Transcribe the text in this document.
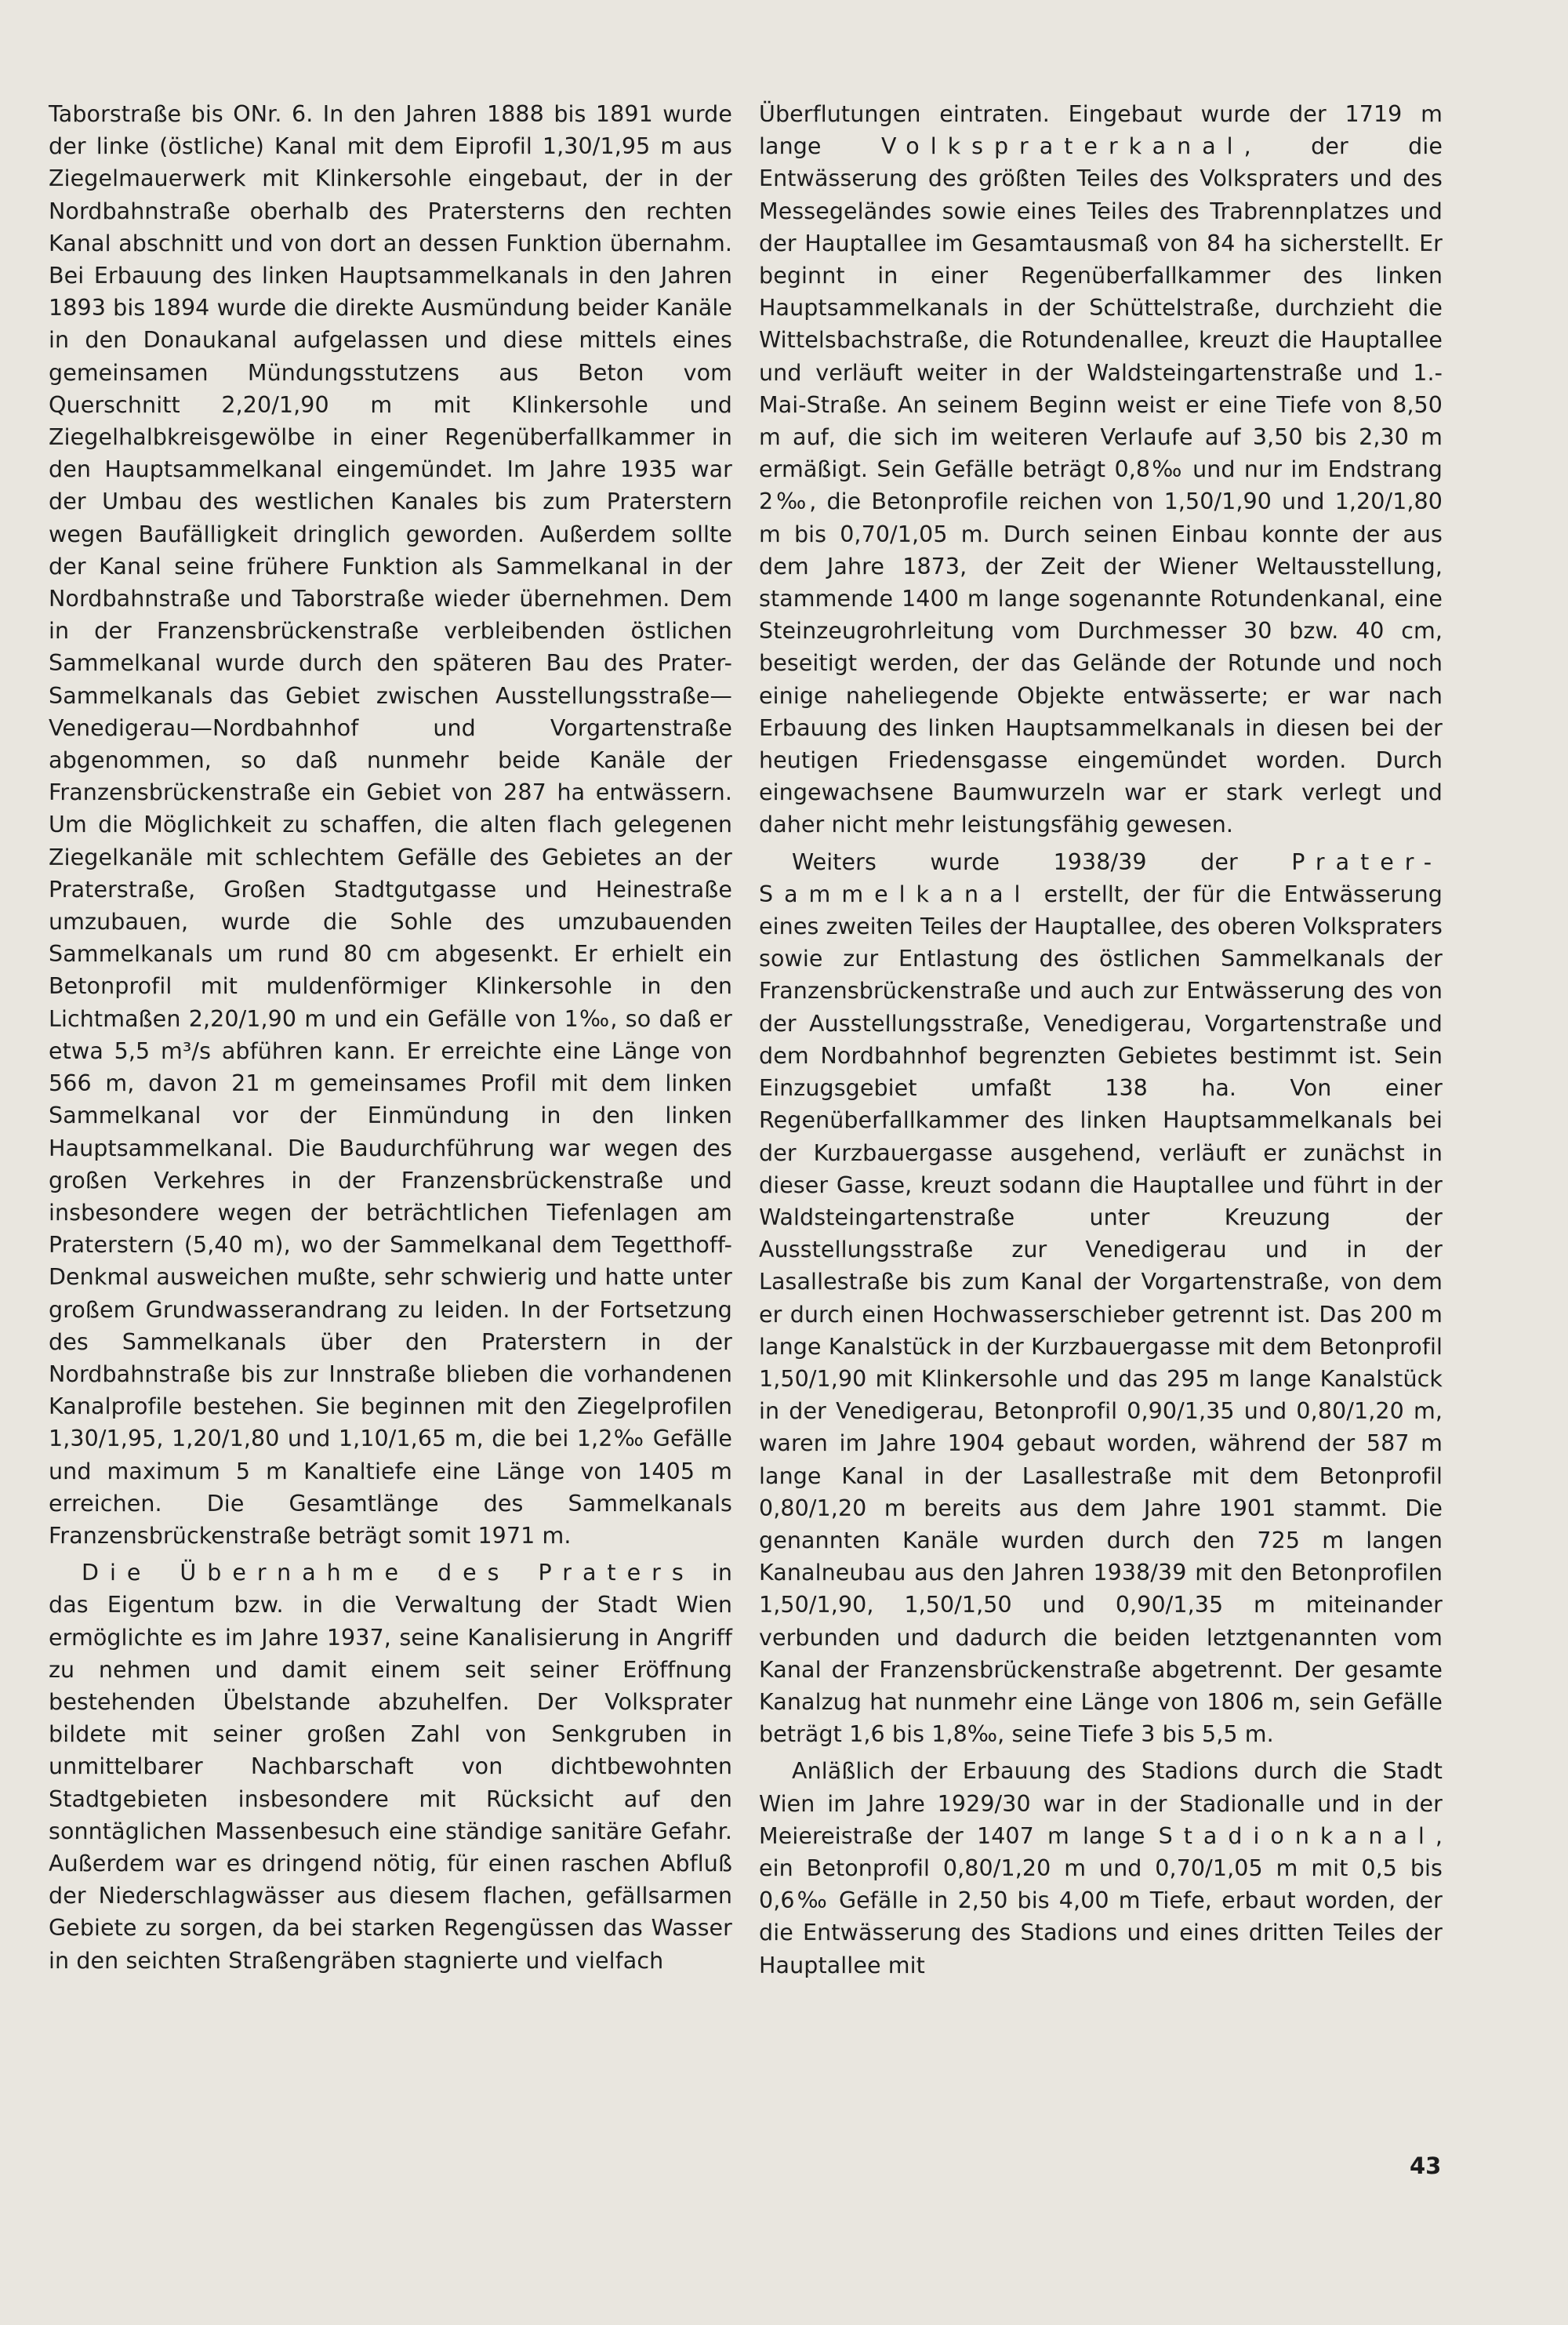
Taborstraße bis ONr. 6. In den Jahren 1888 bis 1891 wurde der linke (östliche) Kanal mit dem Eiprofil 1,30/1,95 m aus Ziegelmauerwerk mit Klinkersohle eingebaut, der in der Nordbahnstraße oberhalb des Pratersterns den rechten Kanal abschnitt und von dort an dessen Funktion übernahm. Bei Erbauung des linken Hauptsammelkanals in den Jahren 1893 bis 1894 wurde die direkte Ausmündung beider Kanäle in den Donaukanal aufgelassen und diese mittels eines gemeinsamen Mündungsstutzens aus Beton vom Querschnitt 2,20/1,90 m mit Klinkersohle und Ziegelhalbkreisgewölbe in einer Regenüberfallkammer in den Hauptsammelkanal eingemündet. Im Jahre 1935 war der Umbau des westlichen Kanales bis zum Praterstern wegen Baufälligkeit dringlich geworden. Außerdem sollte der Kanal seine frühere Funktion als Sammelkanal in der Nordbahnstraße und Taborstraße wieder übernehmen. Dem in der Franzensbrückenstraße verbleibenden östlichen Sammelkanal wurde durch den späteren Bau des Prater-Sammelkanals das Gebiet zwischen Ausstellungsstraße—Venedigerau—Nordbahnhof und Vorgartenstraße abgenommen, so daß nunmehr beide Kanäle der Franzensbrückenstraße ein Gebiet von 287 ha entwässern. Um die Möglichkeit zu schaffen, die alten flach gelegenen Ziegelkanäle mit schlechtem Gefälle des Gebietes an der Praterstraße, Großen Stadtgutgasse und Heinestraße umzubauen, wurde die Sohle des umzubauenden Sammelkanals um rund 80 cm abgesenkt. Er erhielt ein Betonprofil mit muldenförmiger Klinkersohle in den Lichtmaßen 2,20/1,90 m und ein Gefälle von 1‰, so daß er etwa 5,5 m³/s abführen kann. Er erreichte eine Länge von 566 m, davon 21 m gemeinsames Profil mit dem linken Sammelkanal vor der Einmündung in den linken Hauptsammelkanal. Die Baudurchführung war wegen des großen Verkehres in der Franzensbrückenstraße und insbesondere wegen der beträchtlichen Tiefenlagen am Praterstern (5,40 m), wo der Sammelkanal dem Tegetthoff-Denkmal ausweichen mußte, sehr schwierig und hatte unter großem Grundwasserandrang zu leiden. In der Fortsetzung des Sammelkanals über den Praterstern in der Nordbahnstraße bis zur Innstraße blieben die vorhandenen Kanalprofile bestehen. Sie beginnen mit den Ziegelprofilen 1,30/1,95, 1,20/1,80 und 1,10/1,65 m, die bei 1,2‰ Gefälle und maximum 5 m Kanaltiefe eine Länge von 1405 m erreichen. Die Gesamtlänge des Sammelkanals Franzensbrückenstraße beträgt somit 1971 m.

Die Übernahme des Praters in das Eigentum bzw. in die Verwaltung der Stadt Wien ermöglichte es im Jahre 1937, seine Kanalisierung in Angriff zu nehmen und damit einem seit seiner Eröffnung bestehenden Übelstande abzuhelfen. Der Volksprater bildete mit seiner großen Zahl von Senkgruben in unmittelbarer Nachbarschaft von dichtbewohnten Stadtgebieten insbesondere mit Rücksicht auf den sonntäglichen Massenbesuch eine ständige sanitäre Gefahr. Außerdem war es dringend nötig, für einen raschen Abfluß der Niederschlagwässer aus diesem flachen, gefällsarmen Gebiete zu sorgen, da bei starken Regengüssen das Wasser in den seichten Straßengräben stagnierte und vielfach

Überflutungen eintraten. Eingebaut wurde der 1719 m lange Volkspraterkanal, der die Entwässerung des größten Teiles des Volkspraters und des Messegeländes sowie eines Teiles des Trabrennplatzes und der Hauptallee im Gesamtausmaß von 84 ha sicherstellt. Er beginnt in einer Regenüberfallkammer des linken Hauptsammelkanals in der Schüttelstraße, durchzieht die Wittelsbachstraße, die Rotundenallee, kreuzt die Hauptallee und verläuft weiter in der Waldsteingartenstraße und 1.-Mai-Straße. An seinem Beginn weist er eine Tiefe von 8,50 m auf, die sich im weiteren Verlaufe auf 3,50 bis 2,30 m ermäßigt. Sein Gefälle beträgt 0,8‰ und nur im Endstrang 2‰, die Betonprofile reichen von 1,50/1,90 und 1,20/1,80 m bis 0,70/1,05 m. Durch seinen Einbau konnte der aus dem Jahre 1873, der Zeit der Wiener Weltausstellung, stammende 1400 m lange sogenannte Rotundenkanal, eine Steinzeugrohrleitung vom Durchmesser 30 bzw. 40 cm, beseitigt werden, der das Gelände der Rotunde und noch einige naheliegende Objekte entwässerte; er war nach Erbauung des linken Hauptsammelkanals in diesen bei der heutigen Friedensgasse eingemündet worden. Durch eingewachsene Baumwurzeln war er stark verlegt und daher nicht mehr leistungsfähig gewesen.

Weiters wurde 1938/39 der Prater-Sammelkanal erstellt, der für die Entwässerung eines zweiten Teiles der Hauptallee, des oberen Volkspraters sowie zur Entlastung des östlichen Sammelkanals der Franzensbrückenstraße und auch zur Entwässerung des von der Ausstellungsstraße, Venedigerau, Vorgartenstraße und dem Nordbahnhof begrenzten Gebietes bestimmt ist. Sein Einzugsgebiet umfaßt 138 ha. Von einer Regenüberfallkammer des linken Hauptsammelkanals bei der Kurzbauergasse ausgehend, verläuft er zunächst in dieser Gasse, kreuzt sodann die Hauptallee und führt in der Waldsteingartenstraße unter Kreuzung der Ausstellungsstraße zur Venedigerau und in der Lasallestraße bis zum Kanal der Vorgartenstraße, von dem er durch einen Hochwasserschieber getrennt ist. Das 200 m lange Kanalstück in der Kurzbauergasse mit dem Betonprofil 1,50/1,90 mit Klinkersohle und das 295 m lange Kanalstück in der Venedigerau, Betonprofil 0,90/1,35 und 0,80/1,20 m, waren im Jahre 1904 gebaut worden, während der 587 m lange Kanal in der Lasallestraße mit dem Betonprofil 0,80/1,20 m bereits aus dem Jahre 1901 stammt. Die genannten Kanäle wurden durch den 725 m langen Kanalneubau aus den Jahren 1938/39 mit den Betonprofilen 1,50/1,90, 1,50/1,50 und 0,90/1,35 m miteinander verbunden und dadurch die beiden letztgenannten vom Kanal der Franzensbrückenstraße abgetrennt. Der gesamte Kanalzug hat nunmehr eine Länge von 1806 m, sein Gefälle beträgt 1,6 bis 1,8‰, seine Tiefe 3 bis 5,5 m.

Anläßlich der Erbauung des Stadions durch die Stadt Wien im Jahre 1929/30 war in der Stadionalle und in der Meiereistraße der 1407 m lange Stadionkanal, ein Betonprofil 0,80/1,20 m und 0,70/1,05 m mit 0,5 bis 0,6‰ Gefälle in 2,50 bis 4,00 m Tiefe, erbaut worden, der die Entwässerung des Stadions und eines dritten Teiles der Hauptallee mit

43
